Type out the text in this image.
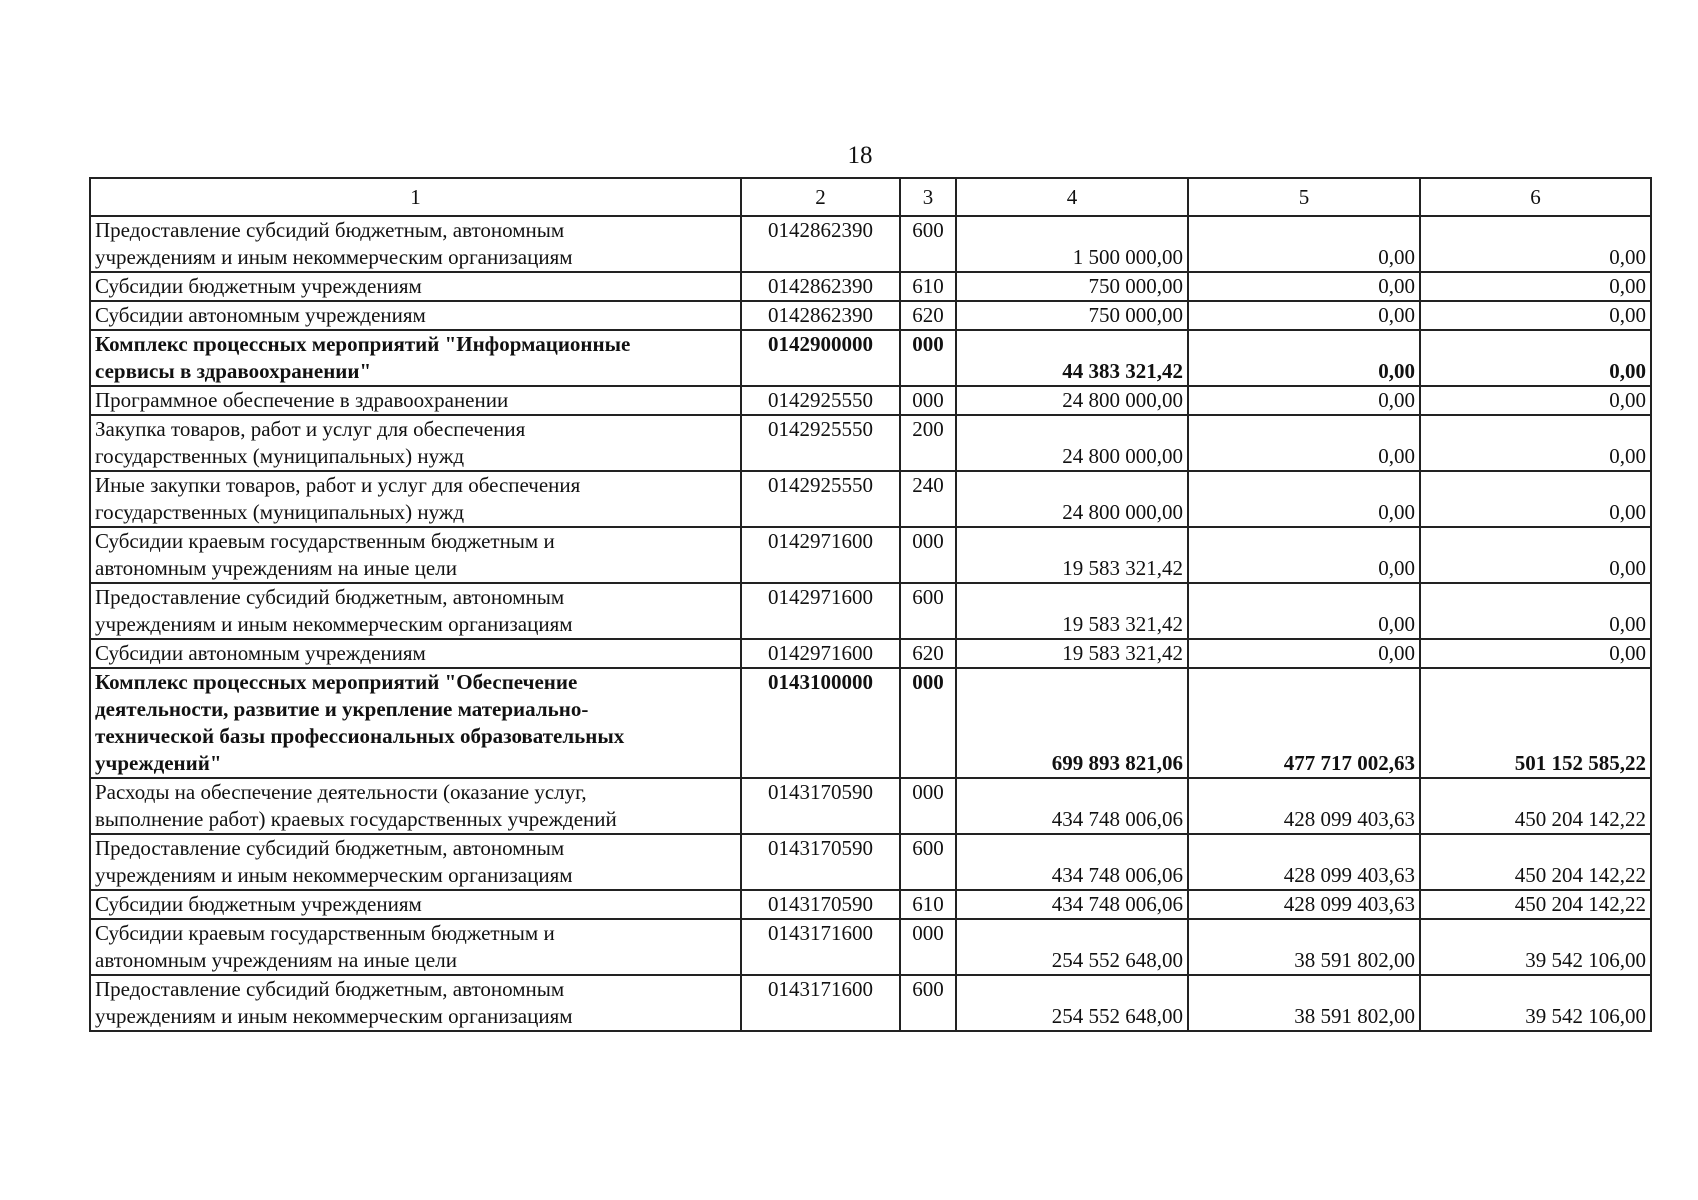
18
1	2	3	4	5	6

Предоставление субсидий бюджетным, автономным
учреждениям и иным некоммерческим организациям	0142862390	600	1 500 000,00	0,00	0,00

Субсидии бюджетным учреждениям	0142862390	610	750 000,00	0,00	0,00

Субсидии автономным учреждениям	0142862390	620	750 000,00	0,00	0,00

Комплекс процессных мероприятий "Информационные
сервисы в здравоохранении"	0142900000	000	44 383 321,42	0,00	0,00

Программное обеспечение в здравоохранении	0142925550	000	24 800 000,00	0,00	0,00

Закупка товаров, работ и услуг для обеспечения
государственных (муниципальных) нужд	0142925550	200	24 800 000,00	0,00	0,00

Иные закупки товаров, работ и услуг для обеспечения
государственных (муниципальных) нужд	0142925550	240	24 800 000,00	0,00	0,00

Субсидии краевым государственным бюджетным и
автономным учреждениям на иные цели	0142971600	000	19 583 321,42	0,00	0,00

Предоставление субсидий бюджетным, автономным
учреждениям и иным некоммерческим организациям	0142971600	600	19 583 321,42	0,00	0,00

Субсидии автономным учреждениям	0142971600	620	19 583 321,42	0,00	0,00

Комплекс процессных мероприятий "Обеспечение
деятельности, развитие и укрепление материально-
технической базы профессиональных образовательных
учреждений"	0143100000	000	699 893 821,06	477 717 002,63	501 152 585,22

Расходы на обеспечение деятельности (оказание услуг,
выполнение работ) краевых государственных учреждений	0143170590	000	434 748 006,06	428 099 403,63	450 204 142,22

Предоставление субсидий бюджетным, автономным
учреждениям и иным некоммерческим организациям	0143170590	600	434 748 006,06	428 099 403,63	450 204 142,22

Субсидии бюджетным учреждениям	0143170590	610	434 748 006,06	428 099 403,63	450 204 142,22

Субсидии краевым государственным бюджетным и
автономным учреждениям на иные цели	0143171600	000	254 552 648,00	38 591 802,00	39 542 106,00

Предоставление субсидий бюджетным, автономным
учреждениям и иным некоммерческим организациям	0143171600	600	254 552 648,00	38 591 802,00	39 542 106,00
